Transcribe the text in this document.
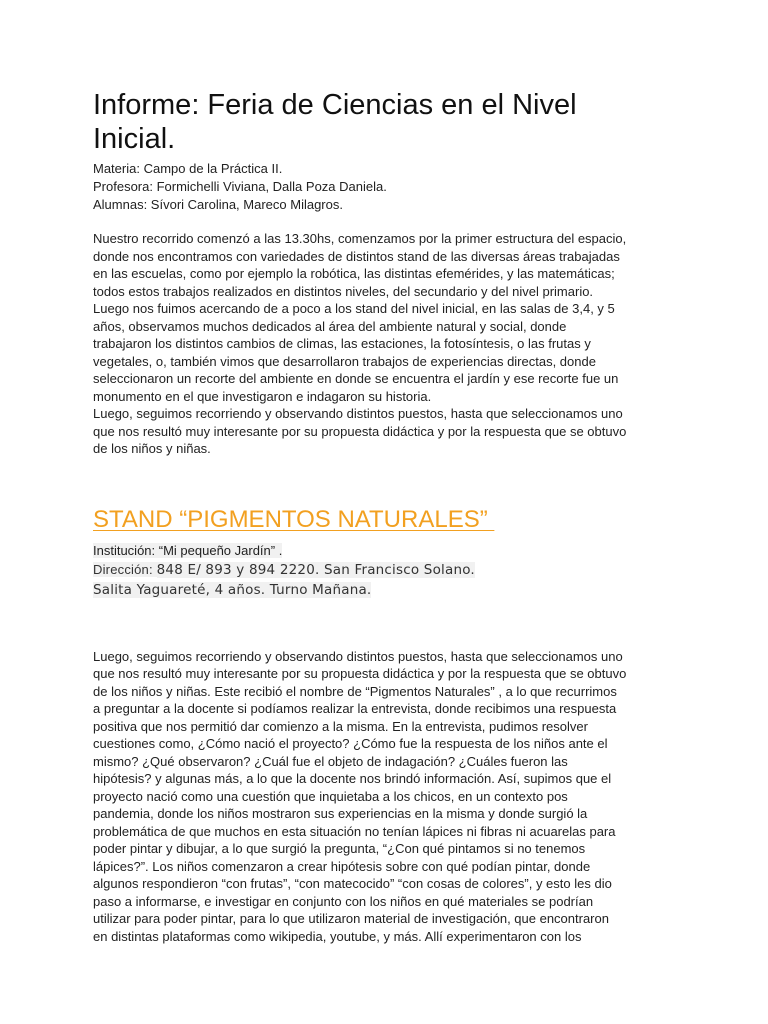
Informe: Feria de Ciencias en el Nivel
Inicial.
Materia: Campo de la Práctica II.
Profesora: Formichelli Viviana, Dalla Poza Daniela.
Alumnas: Sívori Carolina, Mareco Milagros.

Nuestro recorrido comenzó a las 13.30hs, comenzamos por la primer estructura del espacio,
donde nos encontramos con variedades de distintos stand de las diversas áreas trabajadas
en las escuelas, como por ejemplo la robótica, las distintas efemérides, y las matemáticas;
todos estos trabajos realizados en distintos niveles, del secundario y del nivel primario.
Luego nos fuimos acercando de a poco a los stand del nivel inicial, en las salas de 3,4, y 5
años, observamos muchos dedicados al área del ambiente natural y social, donde
trabajaron los distintos cambios de climas, las estaciones, la fotosíntesis, o las frutas y
vegetales, o, también vimos que desarrollaron trabajos de experiencias directas, donde
seleccionaron un recorte del ambiente en donde se encuentra el jardín y ese recorte fue un
monumento en el que investigaron e indagaron su historia.

Luego, seguimos recorriendo y observando distintos puestos, hasta que seleccionamos uno
que nos resultó muy interesante por su propuesta didáctica y por la respuesta que se obtuvo
de los niños y niñas.

STAND “PIGMENTOS NATURALES”
Institución: “Mi pequeño Jardín” .
Dirección: 848 E/ 893 y 894 2220. San Francisco Solano.
Salita Yaguareté, 4 años. Turno Mañana.

Luego, seguimos recorriendo y observando distintos puestos, hasta que seleccionamos uno
que nos resultó muy interesante por su propuesta didáctica y por la respuesta que se obtuvo
de los niños y niñas. Este recibió el nombre de “Pigmentos Naturales” , a lo que recurrimos
a preguntar a la docente si podíamos realizar la entrevista, donde recibimos una respuesta
positiva que nos permitió dar comienzo a la misma. En la entrevista, pudimos resolver
cuestiones como, ¿Cómo nació el proyecto? ¿Cómo fue la respuesta de los niños ante el
mismo? ¿Qué observaron? ¿Cuál fue el objeto de indagación? ¿Cuáles fueron las
hipótesis? y algunas más, a lo que la docente nos brindó información. Así, supimos que el
proyecto nació como una cuestión que inquietaba a los chicos, en un contexto pos
pandemia, donde los niños mostraron sus experiencias en la misma y donde surgió la
problemática de que muchos en esta situación no tenían lápices ni fibras ni acuarelas para
poder pintar y dibujar, a lo que surgió la pregunta, “¿Con qué pintamos si no tenemos
lápices?”. Los niños comenzaron a crear hipótesis sobre con qué podían pintar, donde
algunos respondieron “con frutas”, “con matecocido” “con cosas de colores”, y esto les dio
paso a informarse, e investigar en conjunto con los niños en qué materiales se podrían
utilizar para poder pintar, para lo que utilizaron material de investigación, que encontraron
en distintas plataformas como wikipedia, youtube, y más. Allí experimentaron con los
